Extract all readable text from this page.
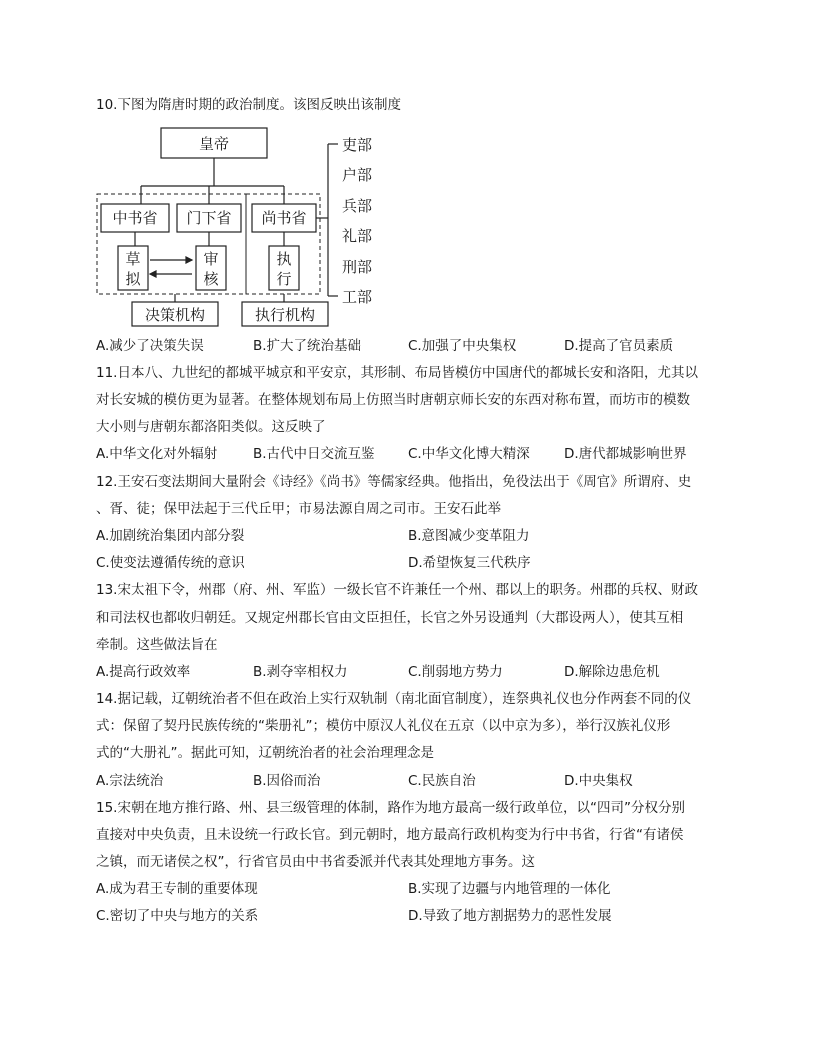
10.下图为隋唐时期的政治制度。该图反映出该制度
皇帝
中书省 门下省 尚书省
草
拟
审
核
执
行
决策机构	执行机构
吏部
户部
兵部
礼部
刑部
工部
A.减少了决策失误	B.扩大了统治基础	C.加强了中央集权	D.提高了官员素质
11.日本八、九世纪的都城平城京和平安京，其形制、布局皆模仿中国唐代的都城长安和洛阳，尤其以
对长安城的模仿更为显著。在整体规划布局上仿照当时唐朝京师长安的东西对称布置，而坊市的模数
大小则与唐朝东都洛阳类似。这反映了
A.中华文化对外辐射	B.古代中日交流互鉴 C.中华文化博大精深	D.唐代都城影响世界
12.王安石变法期间大量附会《诗经》《尚书》等儒家经典。他指出，免役法出于《周官》所谓府、史
、胥、徒；保甲法起于三代丘甲；市易法源自周之司市。王安石此举
A.加剧统治集团内部分裂	B.意图减少变革阻力
C.使变法遵循传统的意识	D.希望恢复三代秩序
13.宋太祖下令，州郡（府、州、军监）一级长官不许兼任一个州、郡以上的职务。州郡的兵权、财政
和司法权也都收归朝廷。又规定州郡长官由文臣担任，长官之外另设通判（大郡设两人），使其互相
牵制。这些做法旨在
A.提高行政效率	B.剥夺宰相权力	C.削弱地方势力	D.解除边患危机
14.据记载，辽朝统治者不但在政治上实行双轨制（南北面官制度），连祭典礼仪也分作两套不同的仪
式：保留了契丹民族传统的“柴册礼”；模仿中原汉人礼仪在五京（以中京为多），举行汉族礼仪形
式的“大册礼”。据此可知，辽朝统治者的社会治理理念是
A.宗法统治	B.因俗而治	C.民族自治	D.中央集权
15.宋朝在地方推行路、州、县三级管理的体制，路作为地方最高一级行政单位，以“四司”分权分别
直接对中央负责，且未设统一行政长官。到元朝时，地方最高行政机构变为行中书省，行省“有诸侯
之镇，而无诸侯之权”，行省官员由中书省委派并代表其处理地方事务。这
A.成为君王专制的重要体现	B.实现了边疆与内地管理的一体化
C.密切了中央与地方的关系	D.导致了地方割据势力的恶性发展
